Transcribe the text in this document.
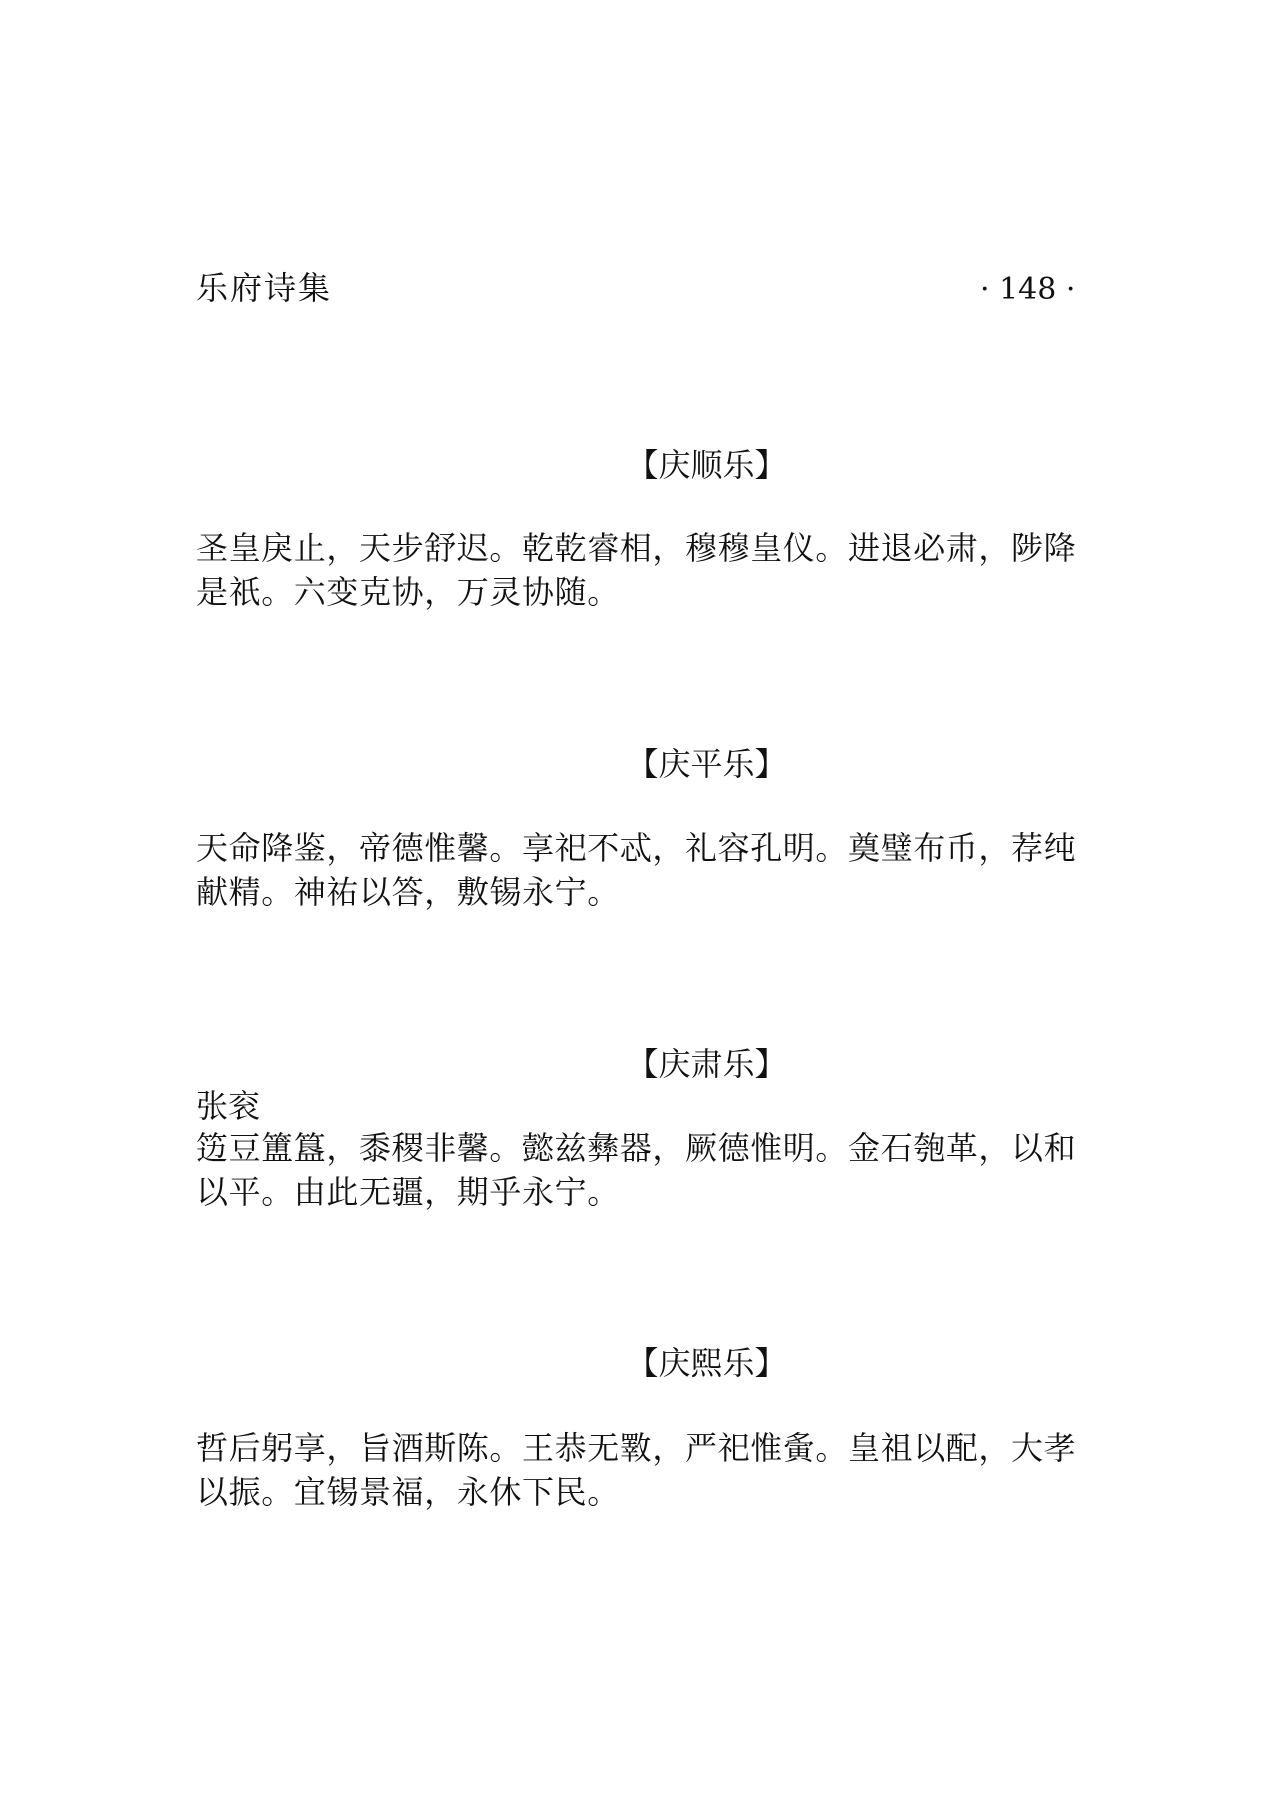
乐府诗集	· 148 ·
【庆顺乐】
圣皇戾止，天步舒迟。乾乾睿相，穆穆皇仪。进退必肃，陟降是祇。六变克协，万灵协随。
【庆平乐】
天命降鉴，帝德惟馨。享祀不忒，礼容孔明。奠璧布币，荐纯献精。神祐以答，敷锡永宁。
【庆肃乐】
张衮
笾豆簠簋，黍稷非馨。懿兹彝器，厥德惟明。金石匏革，以和以平。由此无疆，期乎永宁。
【庆熙乐】
哲后躬享，旨酒斯陈。王恭无斁，严祀惟夤。皇祖以配，大孝以振。宜锡景福，永休下民。
